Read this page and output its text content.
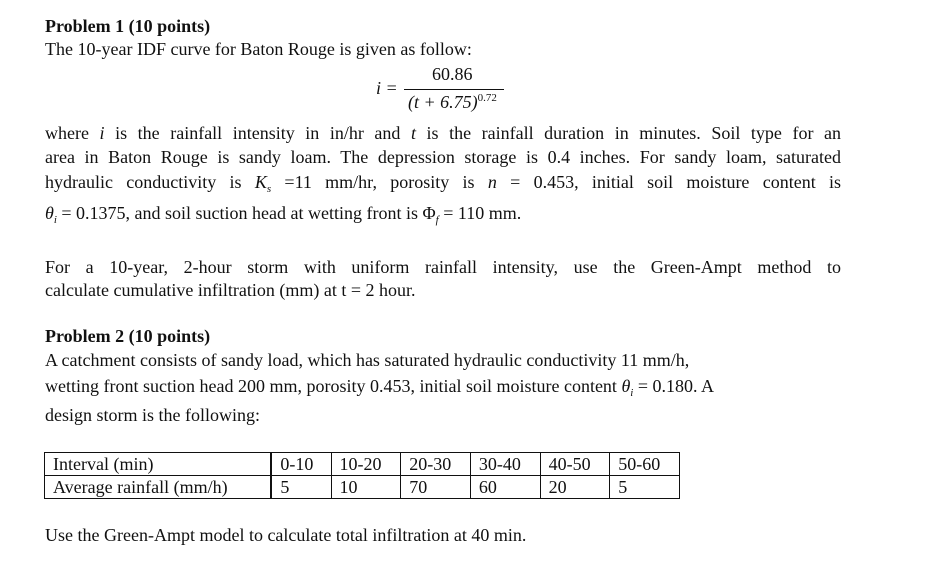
Problem 1 (10 points)
The 10-year IDF curve for Baton Rouge is given as follow:
i =
60.86
$(t + 6.75)^{0.72}$
where i is the rainfall intensity in in/hr and t is the rainfall duration in minutes. Soil type for an
area in Baton Rouge is sandy loam. The depression storage is 0.4 inches. For sandy loam, saturated
hydraulic conductivity is $K_s =11$ mm/hr, porosity is n = 0.453, initial soil moisture content is
$\theta_i = 0.1375$, and soil suction head at wetting front is $\Phi_f = 110$ mm.
For a 10-year, 2-hour storm with uniform rainfall intensity, use the Green-Ampt method to
calculate cumulative infiltration (mm) at t = 2 hour.
Problem 2 (10 points)
A catchment consists of sandy load, which has saturated hydraulic conductivity 11 mm/h,
wetting front suction head 200 mm, porosity 0.453, initial soil moisture content $\theta_i = 0.180$. A
design storm is the following:
Interval (min)	0-10	10-20	20-30	30-40	40-50	50-60
Average rainfall (mm/h)	5	10	70	60	20	5
Use the Green-Ampt model to calculate total infiltration at 40 min.
